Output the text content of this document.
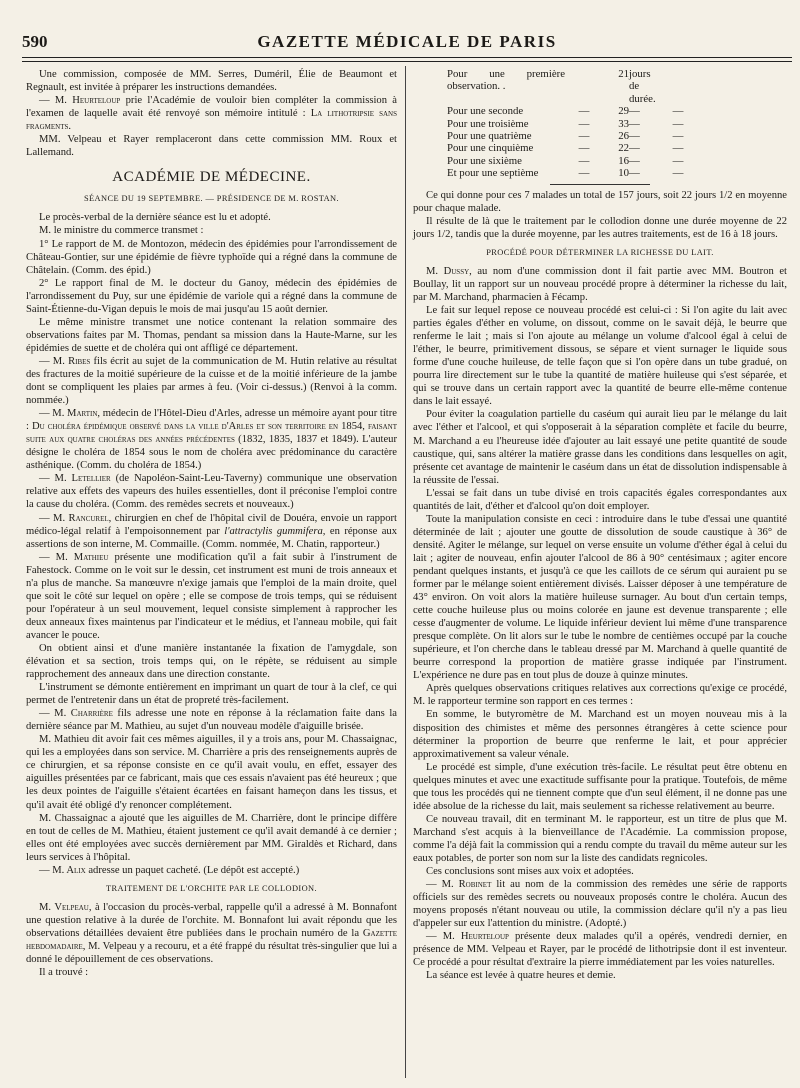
590	GAZETTE MÉDICALE DE PARIS

Une commission, composée de MM. Serres, Duméril, Élie de Beaumont et Regnault, est invitée à préparer les instructions demandées.

— M. Heurteloup prie l'Académie de vouloir bien compléter la commission à l'examen de laquelle avait été renvoyé son mémoire intitulé : La lithotripsie sans fragments.

MM. Velpeau et Rayer remplaceront dans cette commission MM. Roux et Lallemand.

ACADÉMIE DE MÉDECINE.
SÉANCE DU 19 SEPTEMBRE. — PRÉSIDENCE DE M. ROSTAN.

Le procès-verbal de la dernière séance est lu et adopté.

M. le ministre du commerce transmet :

1° Le rapport de M. de Montozon, médecin des épidémies pour l'arrondissement de Château-Gontier, sur une épidémie de fièvre typhoïde qui a régné dans la commune de Châtelain. (Comm. des épid.)

2° Le rapport final de M. le docteur du Ganoy, médecin des épidémies de l'arrondissement du Puy, sur une épidémie de variole qui a régné dans la commune de Saint-Étienne-du-Vigan depuis le mois de mai jusqu'au 15 août dernier.

Le même ministre transmet une notice contenant la relation sommaire des observations faites par M. Thomas, pendant sa mission dans la Haute-Marne, sur les épidémies de suette et de choléra qui ont affligé ce département.

— M. Ribes fils écrit au sujet de la communication de M. Hutin relative au résultat des fractures de la moitié supérieure de la cuisse et de la moitié inférieure de la jambe dont se compliquent les plaies par armes à feu. (Voir ci-dessus.) (Renvoi à la comm. nommée.)

— M. Martin, médecin de l'Hôtel-Dieu d'Arles, adresse un mémoire ayant pour titre : Du choléra épidémique observé dans la ville d'Arles et son territoire en 1854, faisant suite aux quatre choléras des années précédentes (1832, 1835, 1837 et 1849). L'auteur désigne le choléra de 1854 sous le nom de choléra avec prédominance du caractère asthénique. (Comm. du choléra de 1854.)

— M. Letellier (de Napoléon-Saint-Leu-Taverny) communique une observation relative aux effets des vapeurs des huiles essentielles, dont il préconise l'emploi contre la cause du choléra. (Comm. des remèdes secrets et nouveaux.)

— M. Rancurel, chirurgien en chef de l'hôpital civil de Douéra, envoie un rapport médico-légal relatif à l'empoisonnement par l'attractylis gummifera, en réponse aux assertions de son interne, M. Commaille. (Comm. nommée, M. Chatin, rapporteur.)

— M. Mathieu présente une modification qu'il a fait subir à l'instrument de Fahestock. Comme on le voit sur le dessin, cet instrument est muni de trois anneaux et n'a plus de manche. Sa manœuvre n'exige jamais que l'emploi de la main droite, quel que soit le côté sur lequel on opère ; elle se compose de trois temps, qui se réduisent pour l'opérateur à un seul mouvement, lequel consiste simplement à rapprocher les deux anneaux fixes maintenus par l'indicateur et le médius, et l'anneau mobile, qui fait avancer le pouce.

On obtient ainsi et d'une manière instantanée la fixation de l'amygdale, son élévation et sa section, trois temps qui, on le répète, se réduisent au simple rapprochement des anneaux dans une direction constante.

L'instrument se démonte entièrement en imprimant un quart de tour à la clef, ce qui permet de l'entretenir dans un état de propreté très-facilement.

— M. Charrière fils adresse une note en réponse à la réclamation faite dans la dernière séance par M. Mathieu, au sujet d'un nouveau modèle d'aiguille brisée.

M. Mathieu dit avoir fait ces mêmes aiguilles, il y a trois ans, pour M. Chassaignac, qui les a employées dans son service. M. Charrière a pris des renseignements auprès de ce chirurgien, et sa réponse consiste en ce qu'il avait voulu, en effet, essayer des aiguilles présentées par ce fabricant, mais que ces essais n'avaient pas été heureux ; que les deux pointes de l'aiguille s'étaient écartées en faisant hameçon dans les tissus, et qu'il avait été obligé d'y renoncer complétement.

M. Chassaignac a ajouté que les aiguilles de M. Charrière, dont le principe diffère en tout de celles de M. Mathieu, étaient justement ce qu'il avait demandé à ce dernier ; elles ont été employées avec succès dernièrement par MM. Giraldès et Richard, dans leurs services à l'hôpital.

— M. Alix adresse un paquet cacheté. (Le dépôt est accepté.)

TRAITEMENT DE L'ORCHITE PAR LE COLLODION.

M. Velpeau, à l'occasion du procès-verbal, rappelle qu'il a adressé à M. Bonnafont une question relative à la durée de l'orchite. M. Bonnafont lui avait répondu que les observations détaillées devaient être publiées dans le prochain numéro de la Gazette hebdomadaire, M. Velpeau y a recouru, et a été frappé du résultat très-singulier que lui a donné le dépouillement de ces observations.

Il a trouvé :

Pour une première observation. .		21	jours de durée.	
Pour une seconde	—	29	—	—
Pour une troisième	—	33	—	—
Pour une quatrième	—	26	—	—
Pour une cinquième	—	22	—	—
Pour une sixième	—	16	—	—
Et pour une septième	—	10	—	—

Ce qui donne pour ces 7 malades un total de 157 jours, soit 22 jours 1/2 en moyenne pour chaque malade.

Il résulte de là que le traitement par le collodion donne une durée moyenne de 22 jours 1/2, tandis que la durée moyenne, par les autres traitements, est de 16 à 18 jours.

PROCÉDÉ POUR DÉTERMINER LA RICHESSE DU LAIT.

M. Dussy, au nom d'une commission dont il fait partie avec MM. Boutron et Boullay, lit un rapport sur un nouveau procédé propre à déterminer la richesse du lait, par M. Marchand, pharmacien à Fécamp.

Le fait sur lequel repose ce nouveau procédé est celui-ci : Si l'on agite du lait avec parties égales d'éther en volume, on dissout, comme on le savait déjà, le beurre que renferme le lait ; mais si l'on ajoute au mélange un volume d'alcool égal à celui de l'éther, le beurre, primitivement dissous, se sépare et vient surnager le liquide sous forme d'une couche huileuse, de telle façon que si l'on opère dans un tube gradué, on pourra lire directement sur le tube la quantité de matière huileuse qui s'est séparée, et qui se trouve dans un certain rapport avec la quantité de beurre elle-même contenue dans le lait essayé.

Pour éviter la coagulation partielle du caséum qui aurait lieu par le mélange du lait avec l'éther et l'alcool, et qui s'opposerait à la séparation complète et facile du beurre, M. Marchand a eu l'heureuse idée d'ajouter au lait essayé une petite quantité de soude caustique, qui, sans altérer la matière grasse dans les conditions dans lesquelles on agit, présente cet avantage de maintenir le caséum dans un état de dissolution indispensable à la réussite de l'essai.

L'essai se fait dans un tube divisé en trois capacités égales correspondantes aux quantités de lait, d'éther et d'alcool qu'on doit employer.

Toute la manipulation consiste en ceci : introduire dans le tube d'essai une quantité déterminée de lait ; ajouter une goutte de dissolution de soude caustique à 36° de densité. Agiter le mélange, sur lequel on verse ensuite un volume d'éther égal à celui du lait ; agiter de nouveau, enfin ajouter l'alcool de 86 à 90° centésimaux ; agiter encore pendant quelques instants, et jusqu'à ce que les caillots de ce sérum qui auraient pu se former par le mélange soient entièrement divisés. Laisser déposer à une température de 43° environ. On voit alors la matière huileuse surnager. Au bout d'un certain temps, cette couche huileuse plus ou moins colorée en jaune est devenue transparente ; elle cesse d'augmenter de volume. Le liquide inférieur devient lui même d'une transparence presque complète. On lit alors sur le tube le nombre de centièmes occupé par la couche supérieure, et l'on cherche dans le tableau dressé par M. Marchand à quelle quantité de beurre correspond la proportion de matière grasse indiquée par l'instrument. L'expérience ne dure pas en tout plus de douze à quinze minutes.

Après quelques observations critiques relatives aux corrections qu'exige ce procédé, M. le rapporteur termine son rapport en ces termes :

En somme, le butyromètre de M. Marchand est un moyen nouveau mis à la disposition des chimistes et même des personnes étrangères à cette science pour déterminer la proportion de beurre que renferme le lait, et pour apprécier approximativement sa valeur vénale.

Le procédé est simple, d'une exécution très-facile. Le résultat peut être obtenu en quelques minutes et avec une exactitude suffisante pour la pratique. Toutefois, de même que tous les procédés qui ne tiennent compte que d'un seul élément, il ne donne pas une idée absolue de la richesse du lait, mais seulement sa richesse relativement au beurre.

Ce nouveau travail, dit en terminant M. le rapporteur, est un titre de plus que M. Marchand s'est acquis à la bienveillance de l'Académie. La commission propose, comme l'a déjà fait la commission qui a rendu compte du travail du même auteur sur les eaux potables, de porter son nom sur la liste des candidats regnicoles.

Ces conclusions sont mises aux voix et adoptées.

— M. Robinet lit au nom de la commission des remèdes une série de rapports officiels sur des remèdes secrets ou nouveaux proposés contre le choléra. Aucun des moyens proposés n'étant nouveau ou utile, la commission déclare qu'il n'y a pas lieu d'appeler sur eux l'attention du ministre. (Adopté.)

— M. Heurteloup présente deux malades qu'il a opérés, vendredi dernier, en présence de MM. Velpeau et Rayer, par le procédé de lithotripsie dont il est inventeur. Ce procédé a pour résultat d'extraire la pierre immédiatement par les voies naturelles.

La séance est levée à quatre heures et demie.
